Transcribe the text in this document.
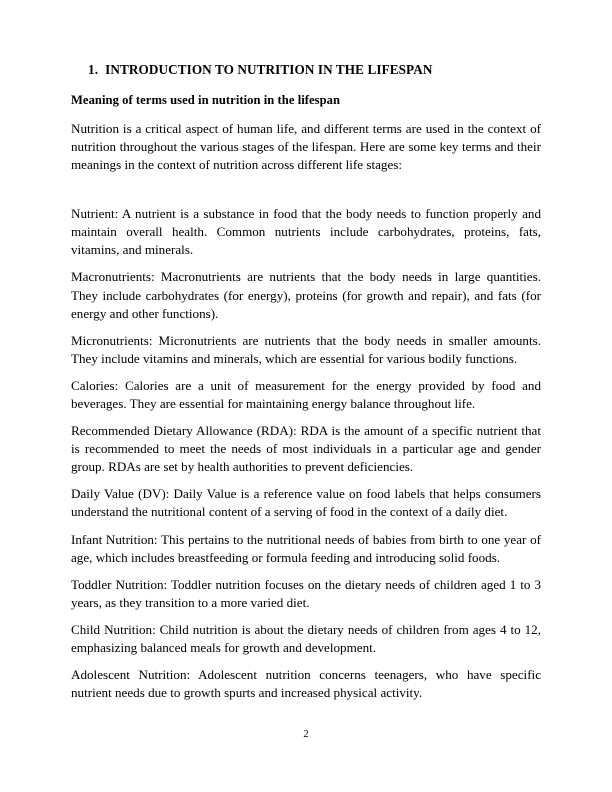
1. INTRODUCTION TO NUTRITION IN THE LIFESPAN
Meaning of terms used in nutrition in the lifespan

Nutrition is a critical aspect of human life, and different terms are used in the context of nutrition throughout the various stages of the lifespan. Here are some key terms and their meanings in the context of nutrition across different life stages:

Nutrient: A nutrient is a substance in food that the body needs to function properly and maintain overall health. Common nutrients include carbohydrates, proteins, fats, vitamins, and minerals.

Macronutrients: Macronutrients are nutrients that the body needs in large quantities. They include carbohydrates (for energy), proteins (for growth and repair), and fats (for energy and other functions).

Micronutrients: Micronutrients are nutrients that the body needs in smaller amounts. They include vitamins and minerals, which are essential for various bodily functions.

Calories: Calories are a unit of measurement for the energy provided by food and beverages. They are essential for maintaining energy balance throughout life.

Recommended Dietary Allowance (RDA): RDA is the amount of a specific nutrient that is recommended to meet the needs of most individuals in a particular age and gender group. RDAs are set by health authorities to prevent deficiencies.

Daily Value (DV): Daily Value is a reference value on food labels that helps consumers understand the nutritional content of a serving of food in the context of a daily diet.

Infant Nutrition: This pertains to the nutritional needs of babies from birth to one year of age, which includes breastfeeding or formula feeding and introducing solid foods.

Toddler Nutrition: Toddler nutrition focuses on the dietary needs of children aged 1 to 3 years, as they transition to a more varied diet.

Child Nutrition: Child nutrition is about the dietary needs of children from ages 4 to 12, emphasizing balanced meals for growth and development.

Adolescent Nutrition: Adolescent nutrition concerns teenagers, who have specific nutrient needs due to growth spurts and increased physical activity.

2
